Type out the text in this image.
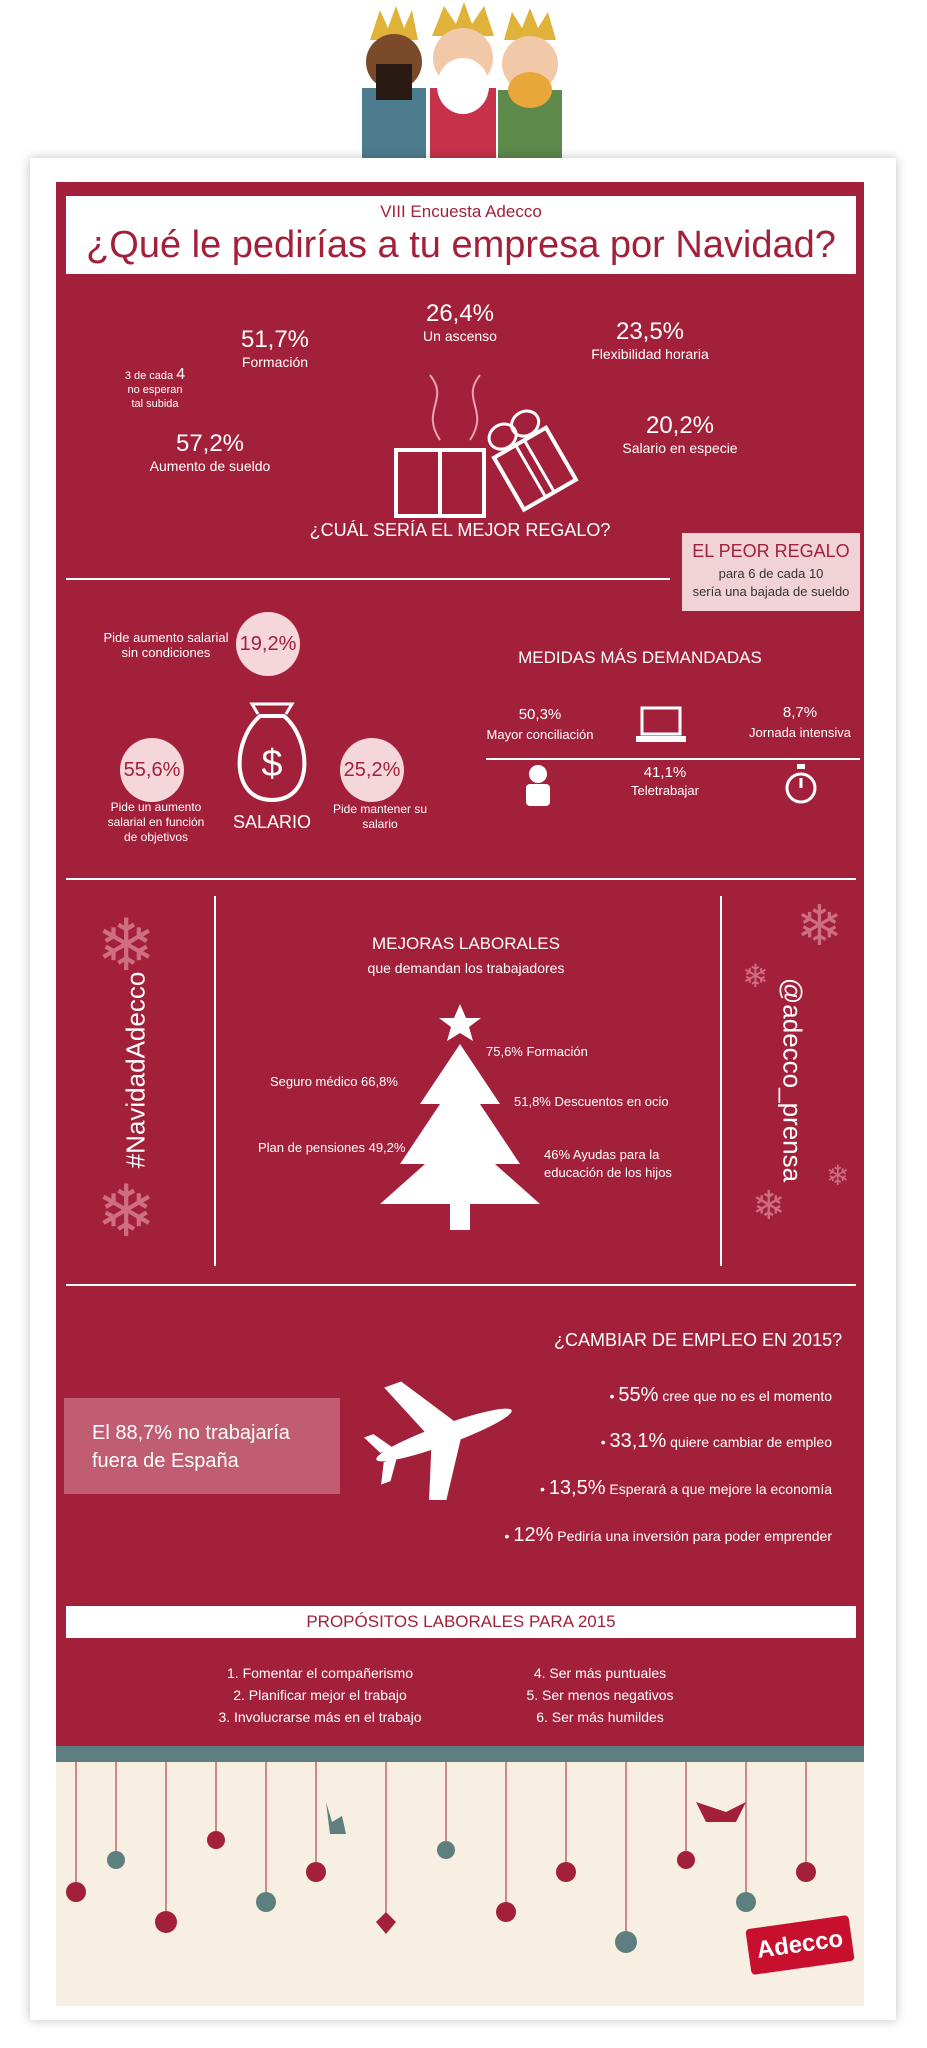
VIII Encuesta Adecco
¿Qué le pedirías a tu empresa por Navidad?
26,4%
Un ascenso
51,7%
Formación
23,5%
Flexibilidad horaria
57,2%
Aumento de sueldo
20,2%
Salario en especie
3 de cada 4
no esperan
tal subida
¿CUÁL SERÍA EL MEJOR REGALO?
EL PEOR REGALO
para 6 de cada 10
sería una bajada de sueldo
Pide aumento salarial
sin condiciones	19,2%
55,6%	25,2%
$
SALARIO
Pide un aumento
salarial en función
de objetivos
Pide mantener su
salario
MEDIDAS MÁS DEMANDADAS
50,3%
Mayor conciliación
8,7%
Jornada intensiva
41,1%
Teletrabajar
#NavidadAdecco	@adecco_prensa
❄
❄
❄
❄
❄
❄
MEJORAS LABORALES
que demandan los trabajadores
Seguro médico 66,8%
Plan de pensiones 49,2%
75,6% Formación
51,8% Descuentos en ocio
46% Ayudas para la
educación de los hijos
¿CAMBIAR DE EMPLEO EN 2015?
El 88,7% no trabajaría
fuera de España
• 55% cree que no es el momento
• 33,1% quiere cambiar de empleo
• 13,5% Esperará a que mejore la economía
• 12% Pediría una inversión para poder emprender
PROPÓSITOS LABORALES PARA 2015
1. Fomentar el compañerismo
2. Planificar mejor el trabajo
3. Involucrarse más en el trabajo
4. Ser más puntuales
5. Ser menos negativos
6. Ser más humildes
Adecco
